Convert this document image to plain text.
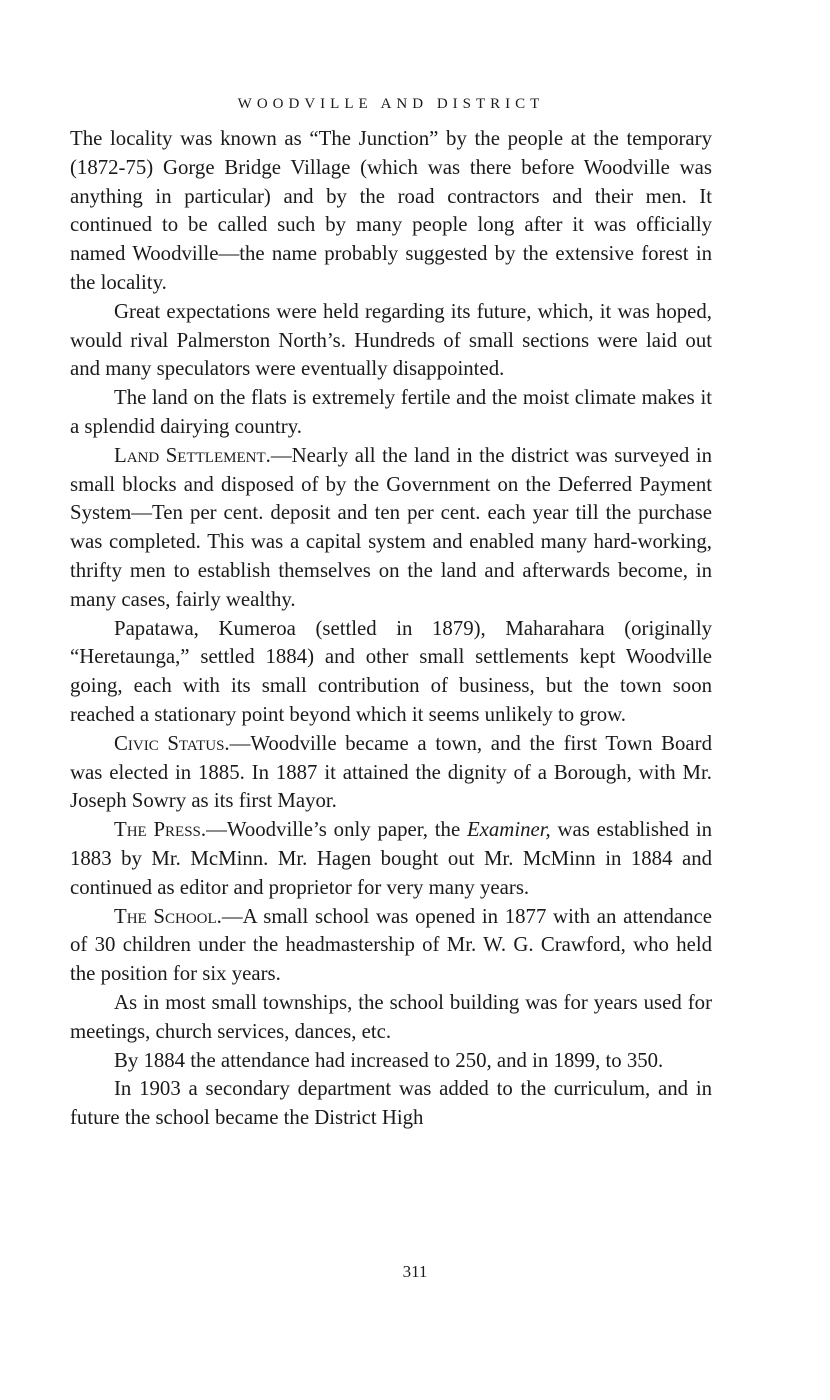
WOODVILLE AND DISTRICT

The locality was known as “The Junction” by the people at the temporary (1872-75) Gorge Bridge Village (which was there before Woodville was anything in particular) and by the road contractors and their men. It continued to be called such by many people long after it was officially named Woodville—the name probably suggested by the extensive forest in the locality.

Great expectations were held regarding its future, which, it was hoped, would rival Palmerston North’s. Hundreds of small sections were laid out and many speculators were eventually disappointed.

The land on the flats is extremely fertile and the moist climate makes it a splendid dairying country.

Land Settlement.—Nearly all the land in the district was surveyed in small blocks and disposed of by the Government on the Deferred Payment System—Ten per cent. deposit and ten per cent. each year till the purchase was completed. This was a capital system and enabled many hard-working, thrifty men to establish themselves on the land and afterwards become, in many cases, fairly wealthy.

Papatawa, Kumeroa (settled in 1879), Maharahara (originally “Heretaunga,” settled 1884) and other small settlements kept Woodville going, each with its small contribution of business, but the town soon reached a stationary point beyond which it seems unlikely to grow.

Civic Status.—Woodville became a town, and the first Town Board was elected in 1885. In 1887 it attained the dignity of a Borough, with Mr. Joseph Sowry as its first Mayor.

The Press.—Woodville’s only paper, the Examiner, was established in 1883 by Mr. McMinn. Mr. Hagen bought out Mr. McMinn in 1884 and continued as editor and proprietor for very many years.

The School.—A small school was opened in 1877 with an attendance of 30 children under the headmastership of Mr. W. G. Crawford, who held the position for six years.

As in most small townships, the school building was for years used for meetings, church services, dances, etc.

By 1884 the attendance had increased to 250, and in 1899, to 350.

In 1903 a secondary department was added to the curriculum, and in future the school became the District High

311
